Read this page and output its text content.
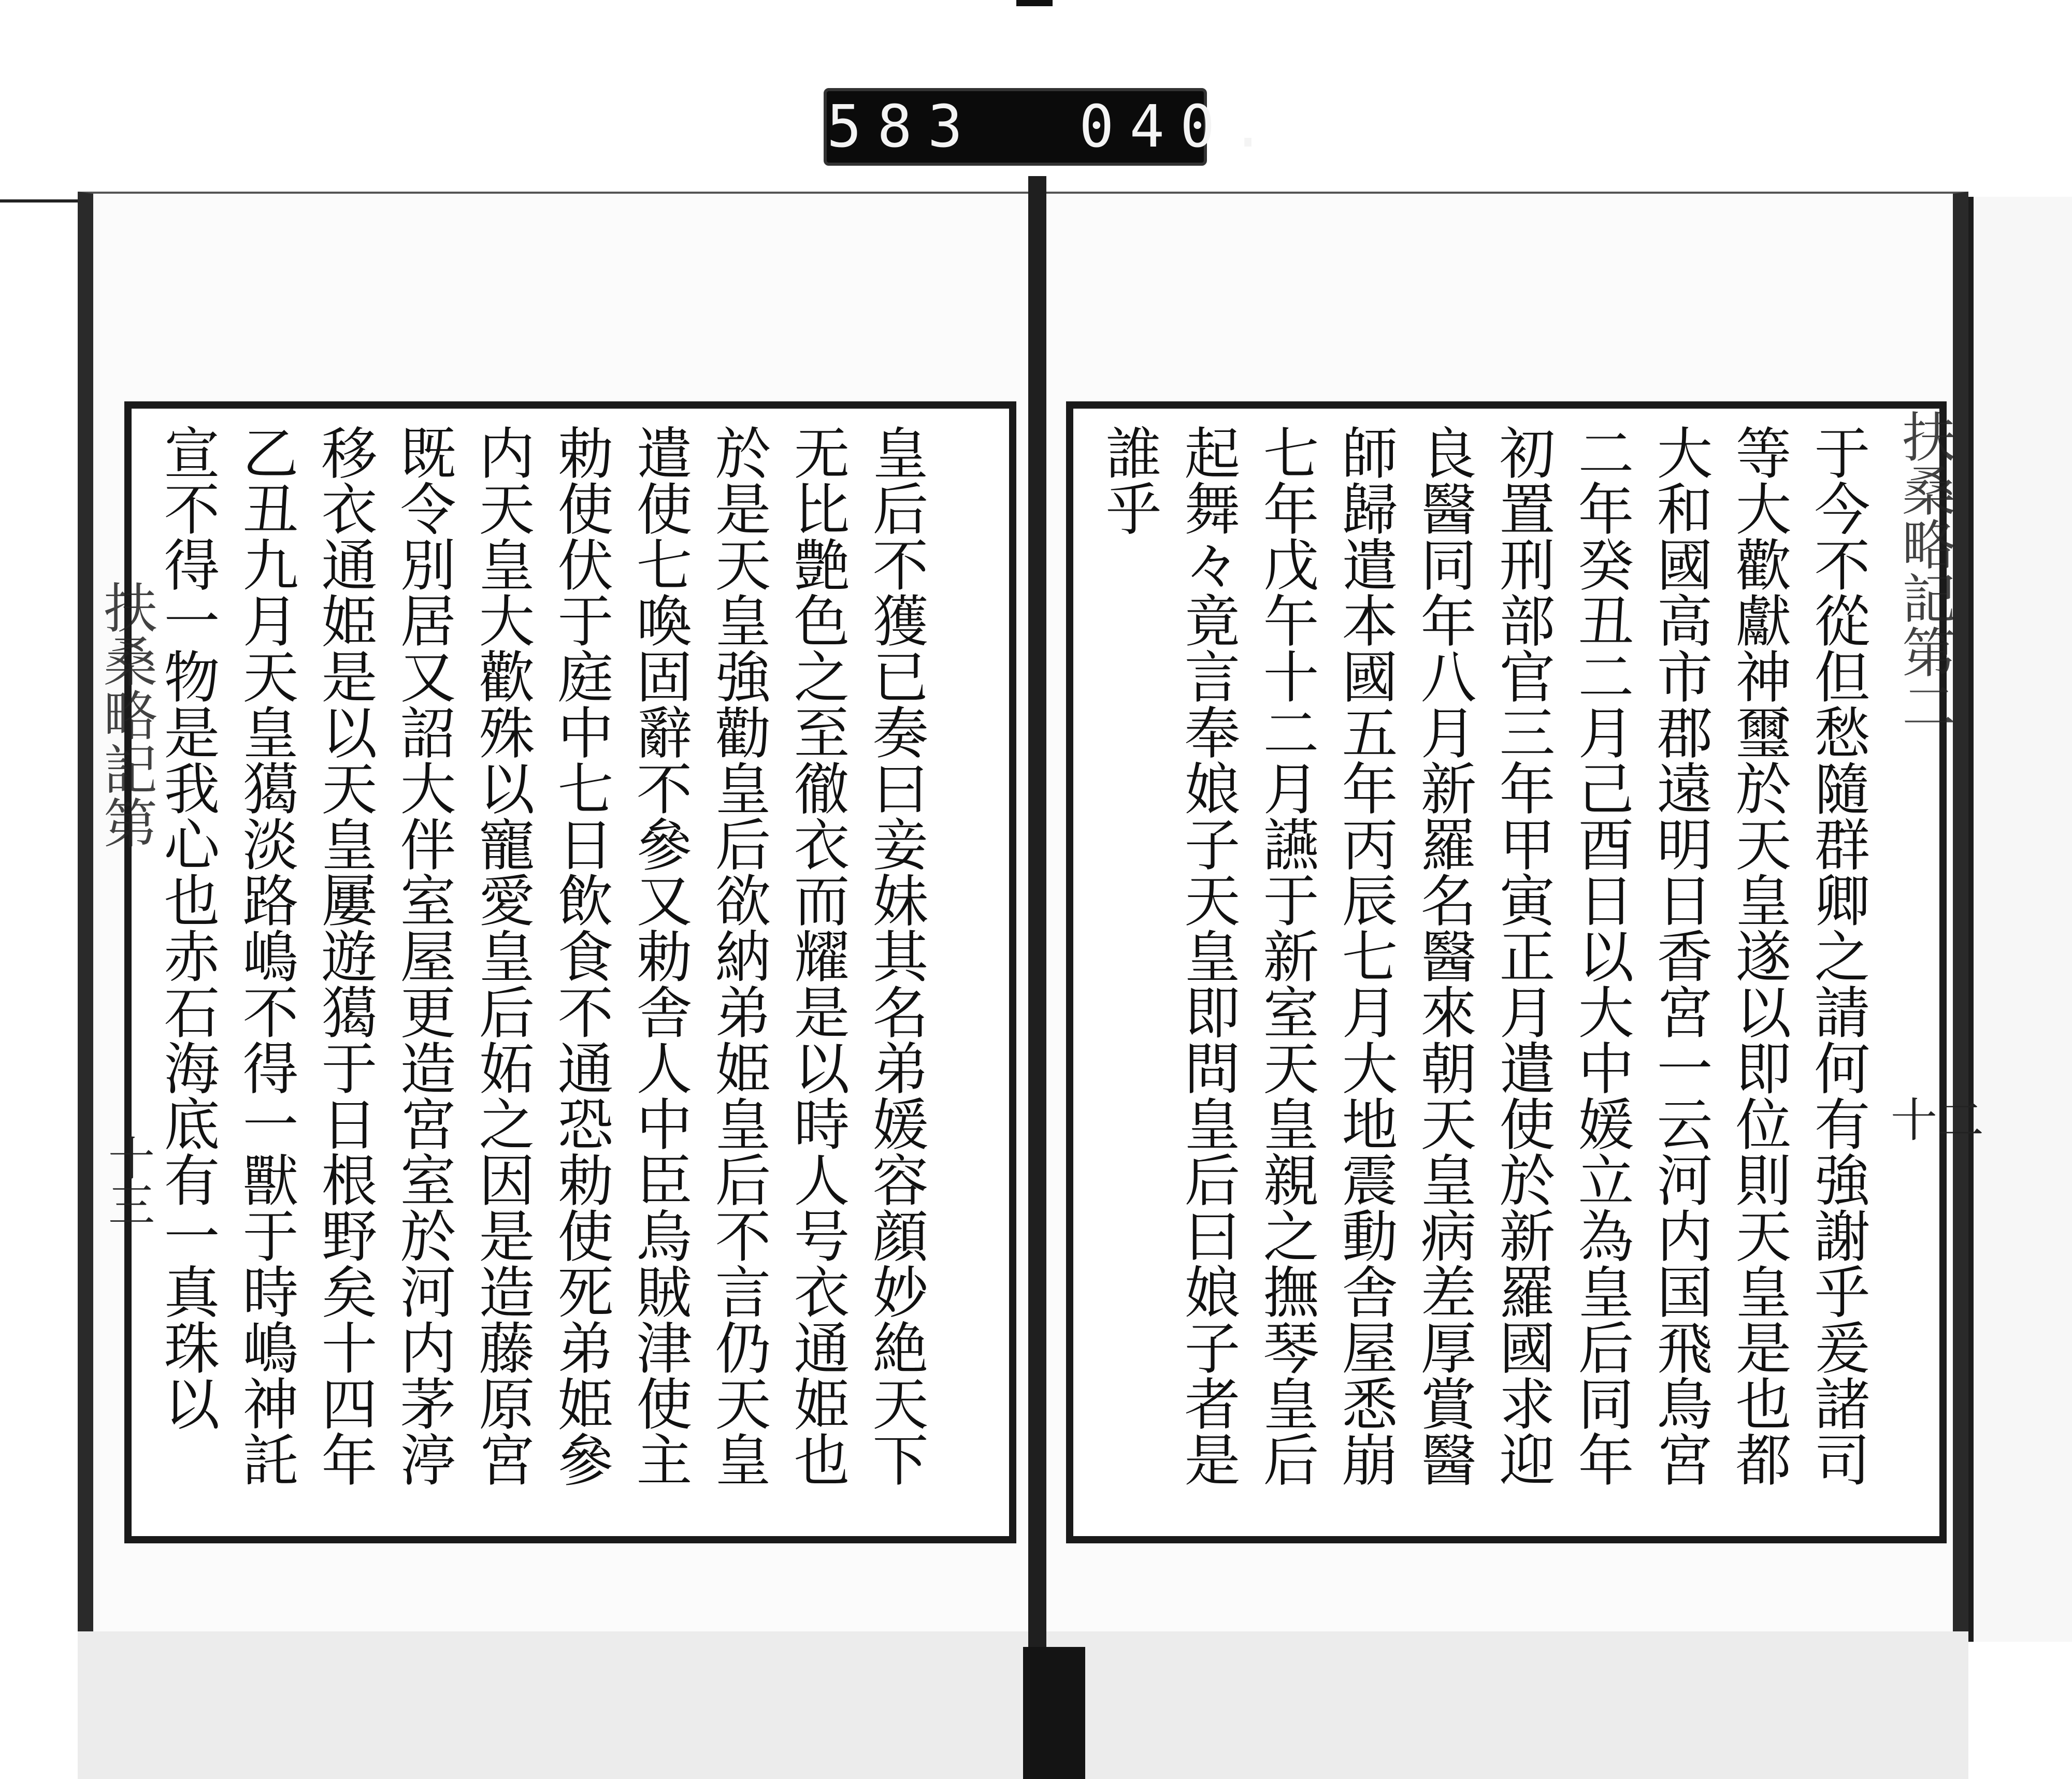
583  040.
皇后不獲已奏曰妾妹其名弟媛容顔妙絶天下无比艶色之至徹衣而耀是以時人号衣通姫也於是天皇強勸皇后欲納弟姫皇后不言仍天皇遣使七喚固辭不參又勅舎人中臣烏賊津使主勅使伏于庭中七日飲食不通恐勅使死弟姫參内天皇大歡殊以寵愛皇后妬之因是造藤原宮既令別居又詔大伴室屋更造宮室於河内茅渟移衣通姫是以天皇屢遊獦于日根野矣十四年乙丑九月天皇獦淡路嶋不得一獸于時嶋神託宣不得一物是我心也赤石海底有一真珠以	于今不從但愁隨群卿之請何有強謝乎爰諸司等大歡獻神璽於天皇遂以即位則天皇是也都大和國高市郡遠明日香宮一云河内国飛鳥宮二年癸丑二月己酉日以大中媛立為皇后同年初置刑部官三年甲寅正月遣使於新羅國求迎良醫同年八月新羅名醫來朝天皇病差厚賞醫師歸遣本國五年丙辰七月大地震動舎屋悉崩七年戊午十二月讌于新室天皇親之撫琴皇后起舞々竟言奉娘子天皇即問皇后曰娘子者是誰乎
扶桑略記第
十三
扶桑略記第二
十二
